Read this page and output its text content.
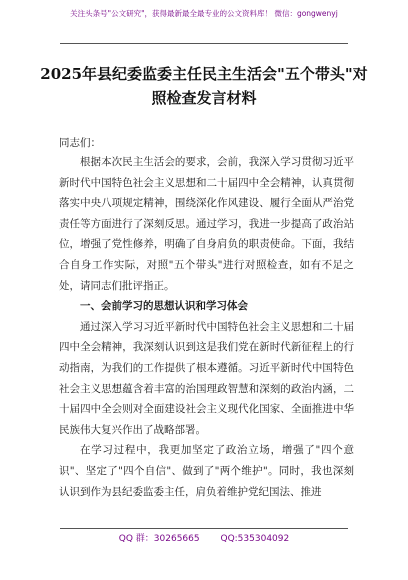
关注头条号"公文研究"，获得最新最全最专业的公文资料库！ 微信：gongwenyj
2025年县纪委监委主任民主生活会"五个带头"对照检查发言材料
同志们：

根据本次民主生活会的要求，会前，我深入学习贯彻习近平新时代中国特色社会主义思想和二十届四中全会精神，认真贯彻落实中央八项规定精神，围绕深化作风建设、履行全面从严治党责任等方面进行了深刻反思。通过学习，我进一步提高了政治站位，增强了党性修养，明确了自身肩负的职责使命。下面，我结合自身工作实际，对照"五个带头"进行对照检查，如有不足之处，请同志们批评指正。

一、会前学习的思想认识和学习体会

通过深入学习习近平新时代中国特色社会主义思想和二十届四中全会精神，我深刻认识到这是我们党在新时代新征程上的行动指南，为我们的工作提供了根本遵循。习近平新时代中国特色社会主义思想蕴含着丰富的治国理政智慧和深刻的政治内涵，二十届四中全会则对全面建设社会主义现代化国家、全面推进中华民族伟大复兴作出了战略部署。

在学习过程中，我更加坚定了政治立场，增强了"四个意识"、坚定了"四个自信"、做到了"两个维护"。同时，我也深刻认识到作为县纪委监委主任，肩负着维护党纪国法、推进

QQ 群：30265665 QQ:535304092
